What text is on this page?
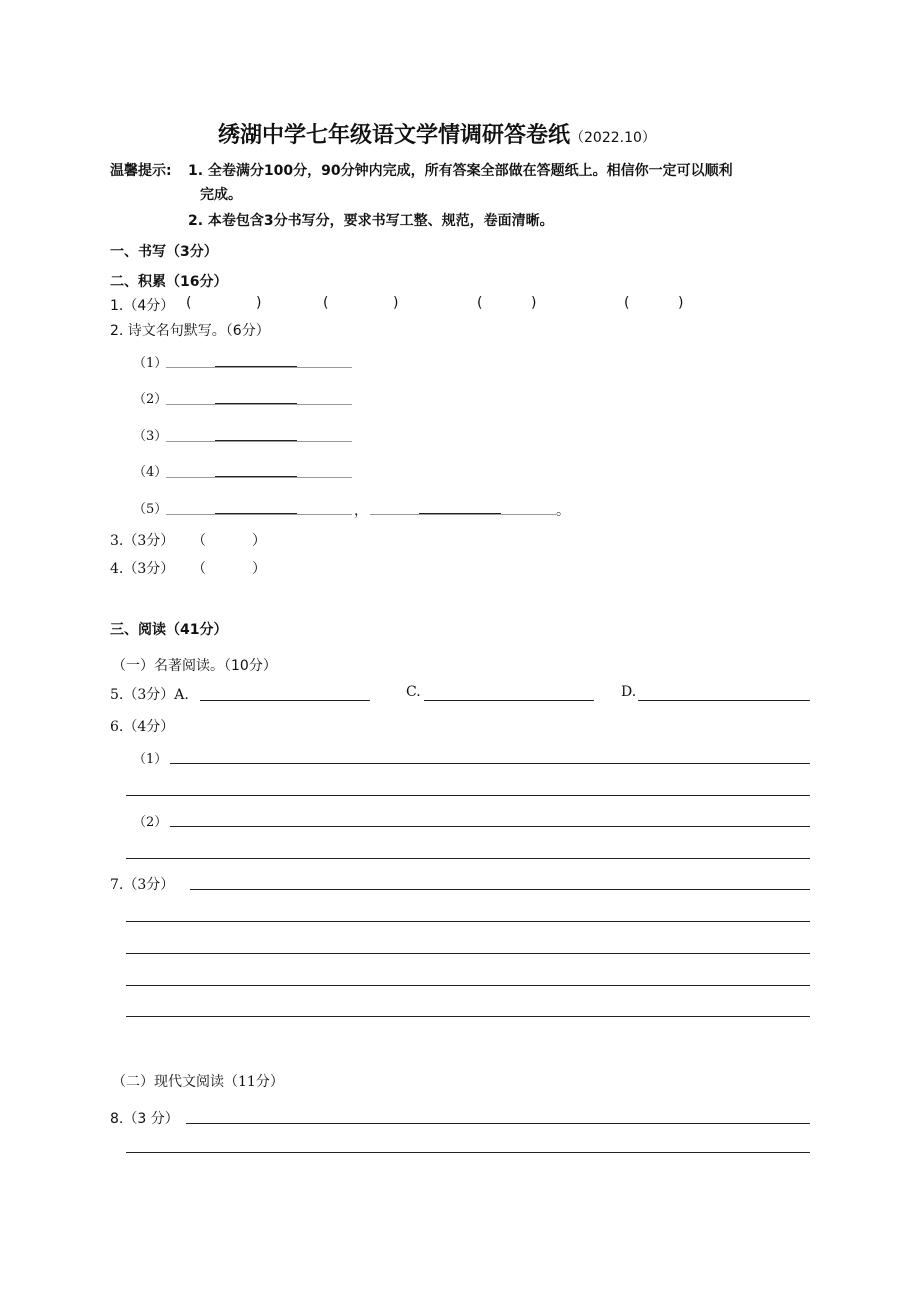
绣湖中学七年级语文学情调研答卷纸（2022.10）
温馨提示: 1. 全卷满分100分，90分钟内完成，所有答案全部做在答题纸上。相信你一定可以顺利
完成。
2. 本卷包含3分书写分，要求书写工整、规范，卷面清晰。
一、书写（3分）
二、积累（16分）
1.（4分） (	)	(	)	(	)	(	)
2. 诗文名句默写。（6分）
（1）
（2）
（3）
（4）
（5）	，	。
3.（3分） （	）
4.（3分） （	）
三、阅读（41分）
（一）名著阅读。（10分）
5.（3分）A.	C.	D.
6.（4分）
（1）
（2）
7.（3分）
（二）现代文阅读（11分）
8.（3 分）
